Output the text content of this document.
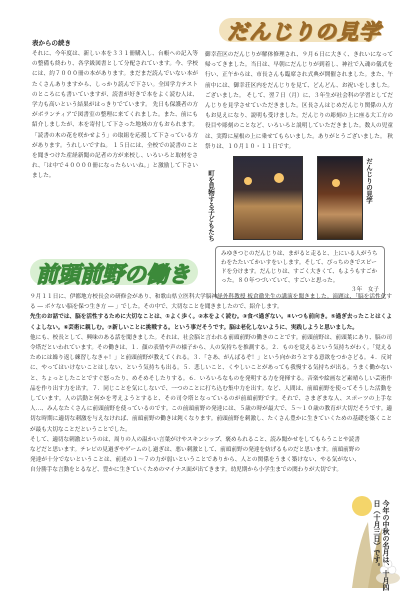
表からの続き
それに、今年度は、新しい本を３３１冊購入し、台帳への記入等の整備も終わり、各学級図書として分配されています。今、学校には、約７０００冊の本があります。まだまだ読んでいない本がたくさんありますから、しっかり読んで下さい。全国学力テストのところにも書いていますが、読書が好きで本をよく読む人は、学力も高いという結果がはっきりでています。 先日も保護者の方がボランティアで図書室の整理に来てくれました。また、前にも紹介しましたが、本を寄付して下さった地域の方もおられます。「読書の木の花を咲かせよう」の取組を応援して下さっている方があります。うれしいですね。 １５日には、全校での読書のことを聞きつけた産経新聞の記者の方が来校し、いろいろと取材をされ、「は中で４００００冊になったらいいね。」と激励して下さいました。
だんじりの見学
御幸荘区のだんじりが解体修理され、９月６日に大きく、きれいになって帰ってきました。当日は、早朝にだんじりが到着し、神社で入魂の儀式を行い、正午からは、市長さんも臨席され式典が開催されました。また、午前中には、御幸荘区内をだんじりを見て、どんどん、お祝いをしました。ございました。 そして、翌７日（月）に、３年生が社会科の学習としてだんじりを見学させていただきました。区長さんはじめだんじり関係の人方もお見えになり、説明も受けました。だんじりの彫刻の上に座る大工方の役目や彫刻のことなど、いろいろと説明していただきました。数人の児童は、実際に屋根の上に乗せてもらいました。ありがとうございました。 秋祭りは、１０月１０・１１日です。
町を見物する子どもたち	だんじりの見学
みゆきつじのだんじりは、まがると走ると、上にいる人がうちわをたたいてかいすをいします。そして、ぴっちのきでスピードを分けます。だんじりは、すごく大きくて、もようもすごかった。８０年つづいていて、すごいと思った。
３年　女子
前頭前野の働き

９月１１日に、伊都地方校長会の研修会があり、和歌山県立医科大学脳神経外科教授 板倉徹先生の講演を聞きました。演題は、「脳を活性化する ― ボケない脳を保つ生き方 ― 」でした。その中で、大切なことを聞きましたので、紹介します。

先生のお話では、脳を活性するために大切なことは、①よく歩く。②本をよく読む。③食べ過ぎない。④いつも前向き。⑤過ぎ去ったことはくよくよしない。⑥芸術に親しむ。⑦新しいことに挑戦する。という事だそうです。脳は老化しないように、実践しようと思いました。

他にも、校長として、興味のある話を聞きました。それは、社会脳と言われる前頭前野の働きのことです。前頭前野は、前頭葉にあり、脳の司令塔だといわれています。その働きは、１．顔の表情や声の様子から、人の気持ちを推測する。２．ものを覚えるという気持ちがわく。「覚えるためには繰り返し練習しなきゃ！」と前頭前野が教えてくれる。３．「さあ、がんばるぞ！」という向かおうとする意欲をつかさどる。４．反対に、やってはいけないことはしない、という気持ちも出る。５．悲しいこと、くやしいことがあっても我慢する気持ちが出る。うまく働かないと、ちょっとしたことですぐ怒ったり、めそめそしたりする。６．いろいろなものを発明する力を発揮する。音楽や絵画など素晴らしい芸術作品を作り出す力を出す。７．同じことを気にしないで、一つのことに打ち込む集中力を出す。など、人間は、前頭前野を使ってそうした活動をしています。人の活動と何かを考えようとすると、その司令塔となっているのが前頭前野です。それで、さまざまな人、スポーツの上手な人…、みんなたくさんに前頭前野を使っているのです。この前頭前野の発達には、５歳の時が最大で、５～１０歳の教育が大切だそうです。適切な時期に適切な刺激を与えなければ、前頭前野の働きは鈍くなります。前頭前野を刺激し、たくさん豊かに生きていくための基礎を築くことが最も大切なことだということでした。

そして、適切な刺激というのは、周りの人の温かい言葉がけやスキンシップ、褒められること、読み聞かせをしてもらうことや読書などだと思います。テレビの見過ぎやゲームのし過ぎは、悪い刺激として、前頭前野の発達を妨げるものだと思います。前頭前野の発達が十分でないということは、前述の１～７の力が弱いということでありから、人との関係をうまく築けない、やる気がない、自分勝手な言動をとるなど、豊かに生きていくためのマイナス面が出てきます。幼児期から小学生までの関わりが大切です。

今年の中秋の名月は、十月四日（十月三日）です。
